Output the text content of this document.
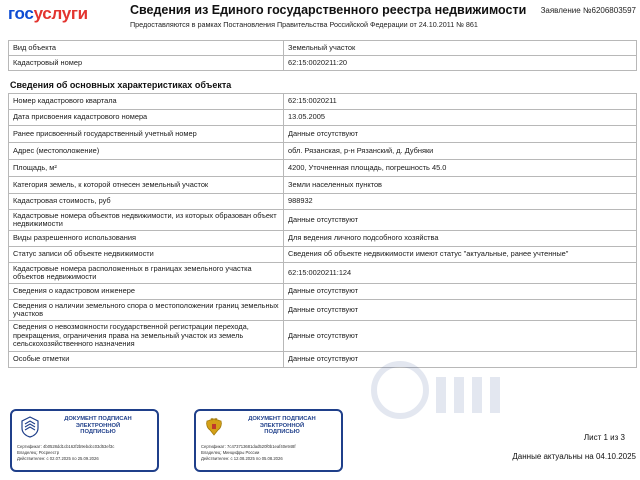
госуслуги	Сведения из Единого государственного реестра недвижимости
Предоставляются в рамках Постановления Правительства Российской Федерации от 24.10.2011 № 861
Заявление №6206803597
Вид объекта	Земельный участок
Кадастровый номер	62:15:0020211:20
Сведения об основных характеристиках объекта
Номер кадастрового квартала	62:15:0020211
Дата присвоения кадастрового номера	13.05.2005
Ранее присвоенный государственный учетный номер	Данные отсутствуют
Адрес (местоположение)	обл. Рязанская, р-н Рязанский, д. Дубняки
Площадь, м²	4200, Уточненная площадь, погрешность 45.0
Категория земель, к которой отнесен земельный участок	Земли населенных пунктов
Кадастровая стоимость, руб	988932
Кадастровые номера объектов недвижимости, из которых образован объект недвижимости	Данные отсутствуют
Виды разрешенного использования	Для ведения личного подсобного хозяйства
Статус записи об объекте недвижимости	Сведения об объекте недвижимости имеют статус "актуальные, ранее учтенные"
Кадастровые номера расположенных в границах земельного участка объектов недвижимости	62:15:0020211:124
Сведения о кадастровом инженере	Данные отсутствуют
Сведения о наличии земельного спора о местоположении границ земельных участков	Данные отсутствуют
Сведения о невозможности государственной регистрации перехода, прекращения, ограничения права на земельный участок из земель сельскохозяйственного назначения	Данные отсутствуют
Особые отметки	Данные отсутствуют
ДОКУМЕНТ ПОДПИСАН
ЭЛЕКТРОННОЙ
ПОДПИСЬЮ
Сертификат: 4b0528dd1cb162f2b9ebdcc03d53ef3c
Владелец: Росреестр
Действителен: с 02.07.2025 по 25.09.2026
ДОКУМЕНТ ПОДПИСАН
ЭЛЕКТРОННОЙ
ПОДПИСЬЮ
Сертификат: 7c473713681dad520f0b1eaf40e948f
Владелец: Минцифры России
Действителен: с 12.08.2025 по 05.08.2026
Лист 1 из 3
Данные актуальны на 04.10.2025
